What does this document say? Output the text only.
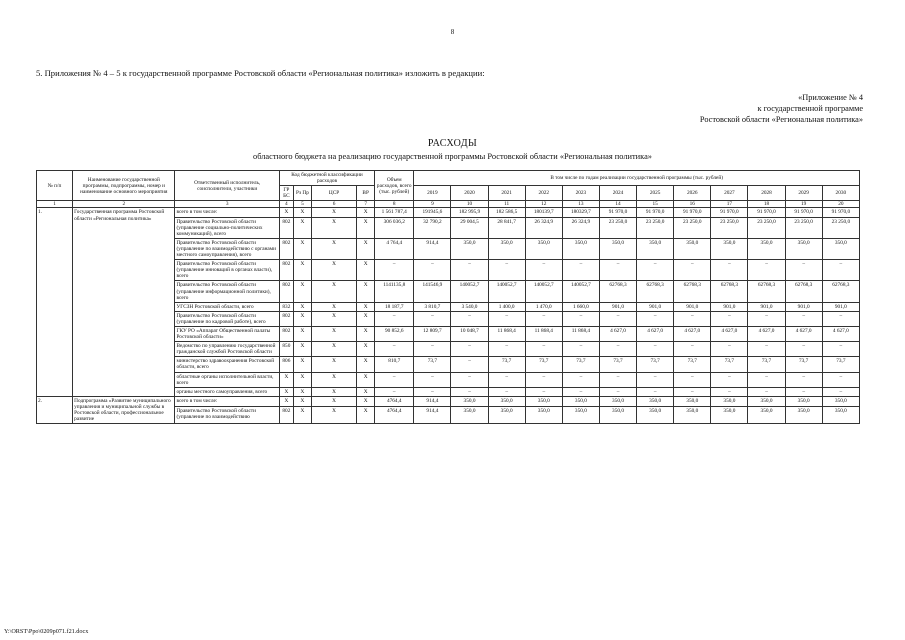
8
5. Приложения № 4 – 5 к государственной программе Ростовской области «Региональная политика» изложить в редакции:
«Приложение № 4
к государственной программе
Ростовской области «Региональная политика»
РАСХОДЫ
областного бюджета на реализацию государственной программы Ростовской области «Региональная политика»
№ п/п	Наименование государственной программы, подпрограммы, номер и наименование основного мероприятия	Ответственный исполнитель, соисполнители, участники	Код бюджетной классификации расходов				Объем расходов, всего (тыс. рублей)	В том числе по годам реализации государственной программы (тыс. рублей)											
			ГР БС	Рз Пр	ЦСР	ВР		2019	2020	2021	2022	2023	2024	2025	2026	2027	2028	2029	2030
1	2	3	4	5	6	7	8	9	10	11	12	13	14	15	16	17	18	19	20
1.	Государственная программа Ростовской области «Региональная политика»	всего в том числе:	Х	Х	Х	Х	1 561 787,4	191945,6	182 995,9	182 586,5	180139,7	180329,7	91 970,0	91 970,0	91 970,0	91 970,0	91 970,0	91 970,0	91 970,0
		Правительство Ростовской области (управление социально-политических коммуникаций), всего	802	Х	Х	Х	306 036,2	32 790,2	29 004,5	28 841,7	26 324,9	26 324,9	23 250,0	23 250,0	23 250,0	23 250,0	23 250,0	23 250,0	23 250,0
		Правительство Ростовской области (управление по взаимодействию с органами местного самоуправления), всего	802	Х	Х	Х	4 764,4	914,4	350,0	350,0	350,0	350,0	350,0	350,0	350,0	350,0	350,0	350,0	350,0
		Правительство Ростовской области (управление инноваций в органах власти), всего	802	Х	Х	Х	–	–	–	–	–	–	–	–	–	–	–	–	–
		Правительство Ростовской области (управление информационной политики), всего	802	Х	Х	Х	1141135,8	141546,9	140052,7	140052,7	140052,7	140052,7	62768,3	62768,3	62768,3	62768,3	62768,3	62768,3	62768,3
		УГСЗН Ростовской области, всего	832	Х	Х	Х	18 187,7	3 810,7	3 540,0	1 400,0	1 470,0	1 660,0	901,0	901,0	901,0	901,0	901,0	901,0	901,0
		Правительство Ростовской области (управление по кадровой работе), всего	802	Х	Х	Х	–	–	–	–	–	–	–	–	–	–	–	–	–
		ГКУ РО «Аппарат Общественной палаты Ростовской области»	802	Х	Х	Х	90 852,6	12 809,7	10 048,7	11 868,4	11 868,4	11 868,4	4 627,0	4 627,0	4 627,0	4 627,0	4 627,0	4 627,0	4 627,0
		Ведомство по управлению государственной гражданской службой Ростовской области	850	Х	Х	Х	–	–	–	–	–	–	–	–	–	–	–	–	–
		министерство здравоохранения Ростовской области, всего	806	Х	Х	Х	810,7	73,7	–	73,7	73,7	73,7	73,7	73,7	73,7	73,7	73,7	73,7	73,7
		областные органы исполнительной власти, всего	Х	Х	Х	Х	–	–	–	–	–	–	–	–	–	–	–	–	–
		органы местного самоуправления, всего	Х	Х	Х	Х	–	–	–	–	–	–	–	–	–	–	–	–	–
2.	Подпрограмма «Развитие муниципального управления и муниципальной службы в Ростовской области, профессиональное развитие	всего в том числе:	Х	Х	Х	Х	4764,4	914,4	350,0	350,0	350,0	350,0	350,0	350,0	350,0	350,0	350,0	350,0	350,0
		Правительство Ростовской области (управление по взаимодействию	802	Х	Х	Х	4764,4	914,4	350,0	350,0	350,0	350,0	350,0	350,0	350,0	350,0	350,0	350,0	350,0
Y:\ORST\Ppo\0209p071.f21.docx
